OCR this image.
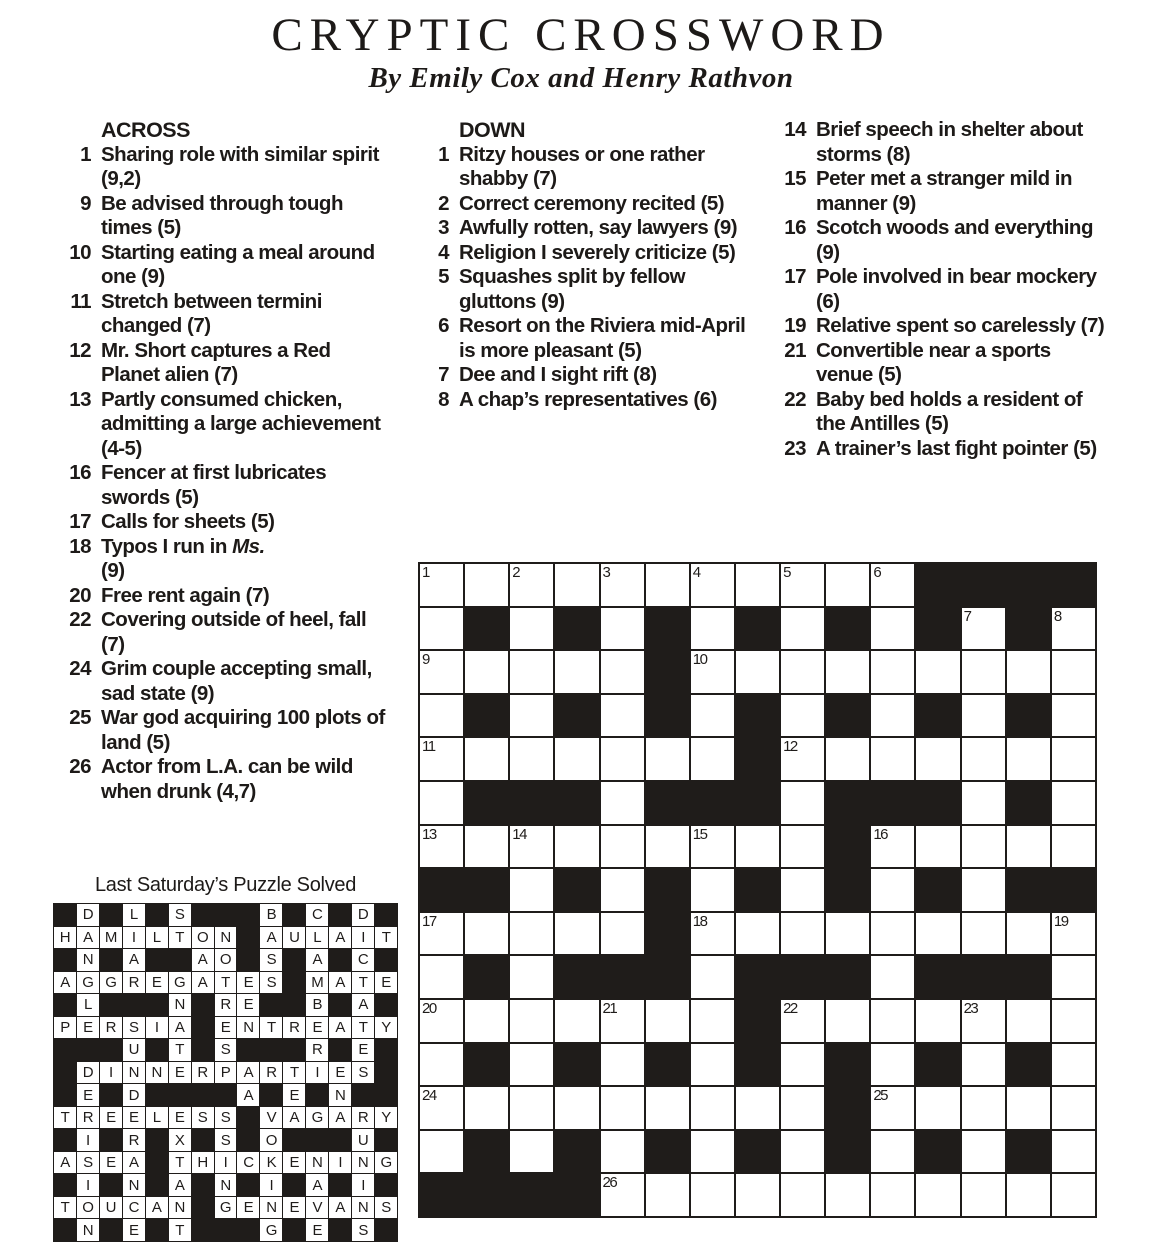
CRYPTIC CROSSWORD
By Emily Cox and Henry Rathvon
ACROSS
1 Sharing role with similar spirit (9,2)
9 Be advised through tough times (5)
10 Starting eating a meal around one (9)
11 Stretch between termini changed (7)
12 Mr. Short captures a Red Planet alien (7)
13 Partly consumed chicken, admitting a large achievement (4-5)
16 Fencer at first lubricates swords (5)
17 Calls for sheets (5)
18 Typos I run in Ms.
(9)
20 Free rent again (7)
22 Covering outside of heel, fall (7)
24 Grim couple accepting small, sad state (9)
25 War god acquiring 100 plots of land (5)
26 Actor from L.A. can be wild when drunk (4,7)
DOWN
1 Ritzy houses or one rather shabby (7)
2 Correct ceremony recited (5)
3 Awfully rotten, say lawyers (9)
4 Religion I severely criticize (5)
5 Squashes split by fellow gluttons (9)
6 Resort on the Riviera mid-April is more pleasant (5)
7 Dee and I sight rift (8)
8 A chap’s representatives (6)
14 Brief speech in shelter about storms (8)
15 Peter met a stranger mild in manner (9)
16 Scotch woods and everything (9)
17 Pole involved in bear mockery (6)
19 Relative spent so carelessly (7)
21 Convertible near a sports venue (5)
22 Baby bed holds a resident of the Antilles (5)
23 A trainer’s last fight pointer (5)
1	2	3	4	5	6
7	8
9	10
11	12
13	14	15	16
17	18	19
20	21	22	23
24	25
26
Last Saturday’s Puzzle Solved
D	L	S	B	C	D
H A M	I	L T O N	A U L A	I	T
N	A	A O	S	A	C
A G G R E G A T E S	M A T E
L	N	R E	B	A
P E R S	I	A	E N T R E A T Y
U	T	S	R	E
D	I	N N E R P A R T	I	E S
E	D	A	E	N
T R E E L E S S	V A G A R Y
I	R	X	S	O	U
A S E A	T H	I	C K E N	I	N G
I	N	A	N	I	A	I
T O U C A N	G E N E V A N S
N	E	T	G	E	S
